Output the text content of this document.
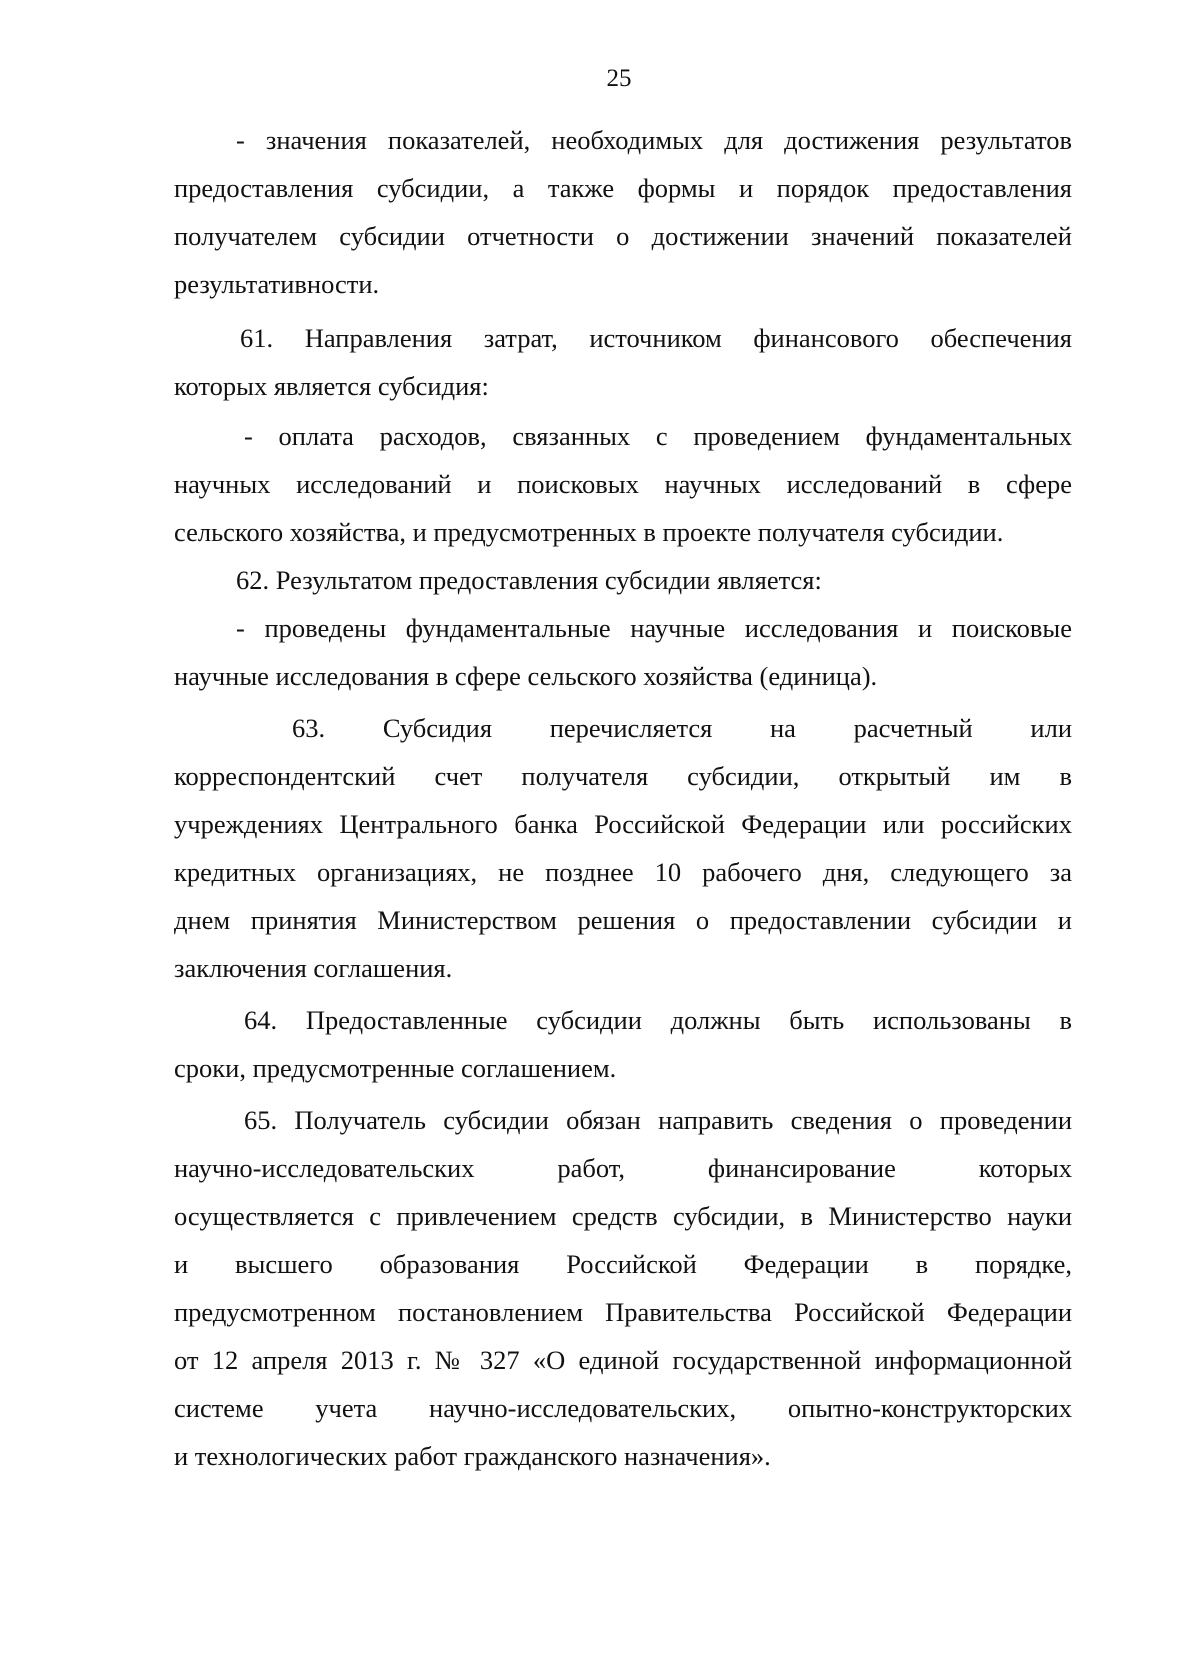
25
- значения показателей, необходимых для достижения результатов
предоставления субсидии, а также формы и порядок предоставления
получателем субсидии отчетности о достижении значений показателей
результативности.
61. Направления затрат, источником финансового обеспечения
которых является субсидия:
- оплата расходов, связанных с проведением фундаментальных
научных исследований и поисковых научных исследований в сфере
сельского хозяйства, и предусмотренных в проекте получателя субсидии.
62. Результатом предоставления субсидии является:
- проведены фундаментальные научные исследования и поисковые
научные исследования в сфере сельского хозяйства (единица).
63. Субсидия перечисляется на расчетный или
корреспондентский счет получателя субсидии, открытый им в
учреждениях Центрального банка Российской Федерации или российских
кредитных организациях, не позднее 10 рабочего дня, следующего за
днем принятия Министерством решения о предоставлении субсидии и
заключения соглашения.
64. Предоставленные субсидии должны быть использованы в
сроки, предусмотренные соглашением.
65. Получатель субсидии обязан направить сведения о проведении
научно-исследовательских работ, финансирование которых
осуществляется с привлечением средств субсидии, в Министерство науки
и высшего образования Российской Федерации в порядке,
предусмотренном постановлением Правительства Российской Федерации
от 12 апреля 2013 г. № 327 «О единой государственной информационной
системе учета научно-исследовательских, опытно-конструкторских
и технологических работ гражданского назначения».
